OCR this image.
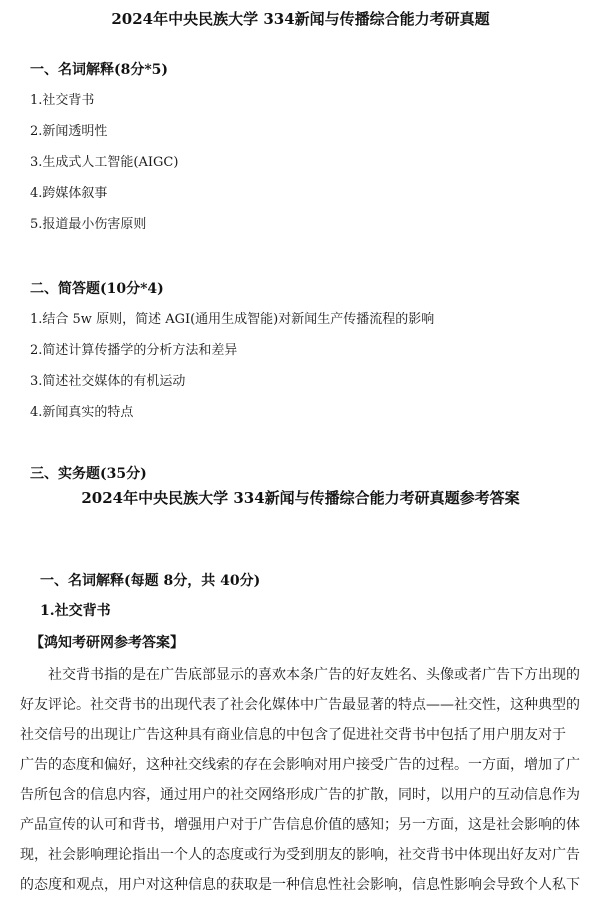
2024年中央民族大学 334新闻与传播综合能力考研真题
一、名词解释(8分*5)
1.社交背书
2.新闻透明性
3.生成式人工智能(AIGC)
4.跨媒体叙事
5.报道最小伤害原则
二、简答题(10分*4)
1.结合 5w 原则，简述 AGI(通用生成智能)对新闻生产传播流程的影响
2.简述计算传播学的分析方法和差异
3.简述社交媒体的有机运动
4.新闻真实的特点
三、实务题(35分)
2024年中央民族大学 334新闻与传播综合能力考研真题参考答案
一、名词解释(每题 8分，共 40分)
1.社交背书
【鸿知考研网参考答案】
社交背书指的是在广告底部显示的喜欢本条广告的好友姓名、头像或者广告下方出现的
好友评论。社交背书的出现代表了社会化媒体中广告最显著的特点——社交性，这种典型的
社交信号的出现让广告这种具有商业信息的中包含了促进社交背书中包括了用户朋友对于
广告的态度和偏好，这种社交线索的存在会影响对用户接受广告的过程。一方面，增加了广
告所包含的信息内容，通过用户的社交网络形成广告的扩散，同时，以用户的互动信息作为
产品宣传的认可和背书，增强用户对于广告信息价值的感知；另一方面，这是社会影响的体
现，社会影响理论指出一个人的态度或行为受到朋友的影响，社交背书中体现出好友对广告
的态度和观点，用户对这种信息的获取是一种信息性社会影响，信息性影响会导致个人私下
